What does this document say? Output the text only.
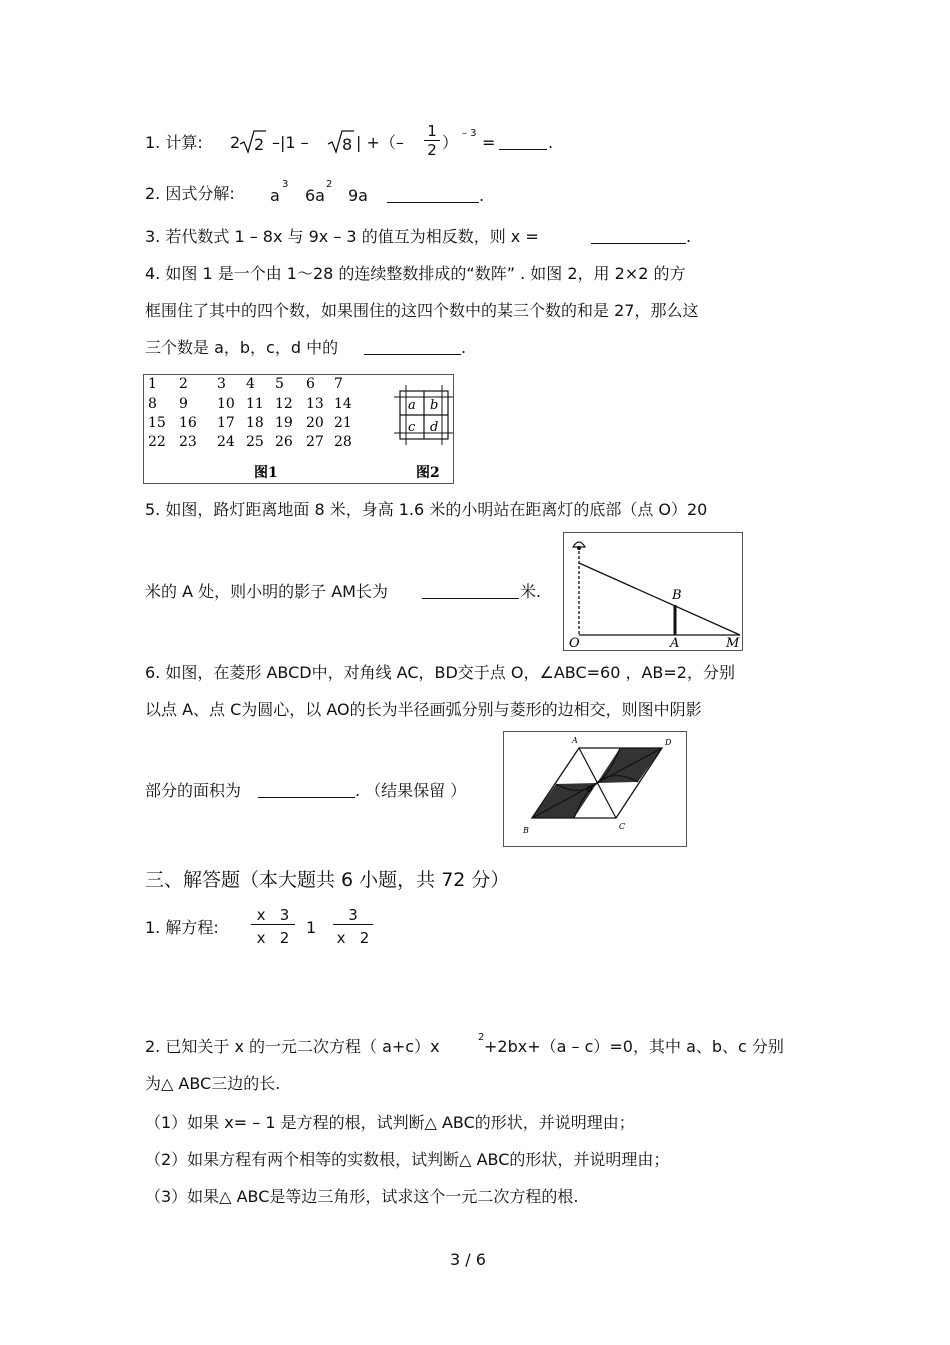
1. 计算: 2 2 –|1 – 8 | +（– $\frac{1}{2}$ ） – 3 =	.
2. 因式分解: a
3
6a
2
9a	.
3. 若代数式 1 – 8x 与 9x – 3 的值互为相反数，则 x =	.
4. 如图 1 是一个由 1～28 的连续整数排成的“数阵” . 如图 2，用 2×2 的方
框围住了其中的四个数，如果围住的这四个数中的某三个数的和是 27，那么这
三个数是 a，b，c，d 中的	.
1 2 3 4 5 6 7
8 9 10 11 12 13 14
15 16 17 18 19 20 21
22 23 24 25 26 27 28
a b
c d
图1	图2
5. 如图，路灯距离地面 8 米，身高 1.6 米的小明站在距离灯的底部（点 O）20
米的 A 处，则小明的影子 AM长为	米.
O	A
B
M
6. 如图，在菱形 ABCD中，对角线 AC，BD交于点 O，∠ABC=60 ，AB=2，分别
以点 A、点 C为圆心，以 AO的长为半径画弧分别与菱形的边相交，则图中阴影
部分的面积为	. （结果保留 ）
A	D
C
B
O
三、解答题（本大题共 6 小题，共 72 分）
1. 解方程: $\frac{x 3}{x 2} 1 \frac{3}{x 2}$
2. 已知关于 x 的一元二次方程（ a+c）x	2 +2bx+（a – c）=0，其中 a、b、c 分别
为△ ABC三边的长.
（1）如果 x= – 1 是方程的根，试判断△ ABC的形状，并说明理由；
（2）如果方程有两个相等的实数根，试判断△ ABC的形状，并说明理由；
（3）如果△ ABC是等边三角形，试求这个一元二次方程的根.
3 / 6
